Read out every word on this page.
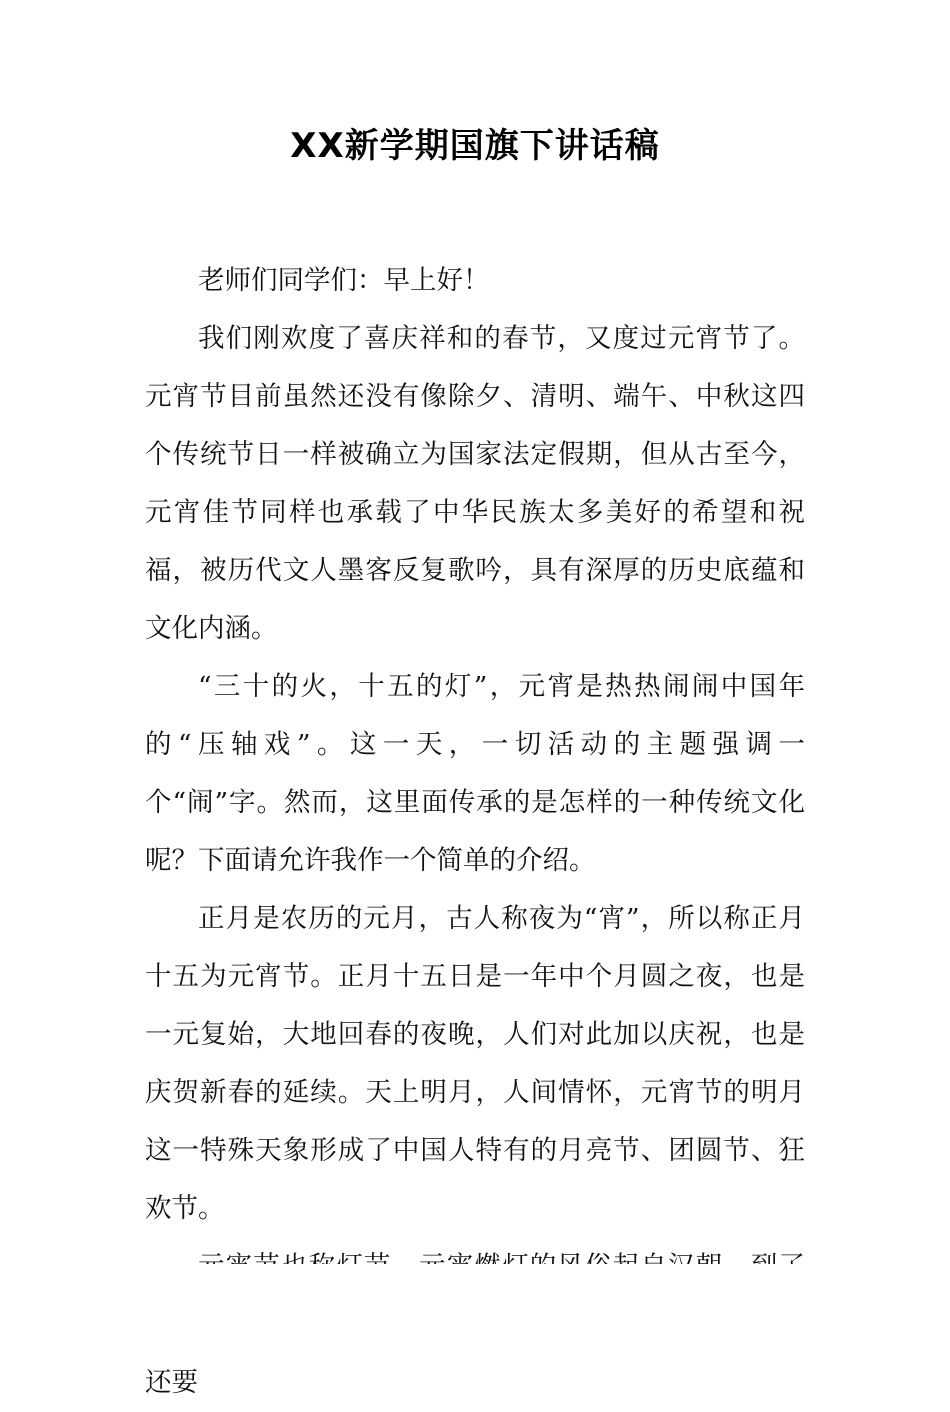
XX新学期国旗下讲话稿

老师们同学们：早上好！

我们刚欢度了喜庆祥和的春节，又度过元宵节了。元宵节目前虽然还没有像除夕、清明、端午、中秋这四个传统节日一样被确立为国家法定假期，但从古至今，元宵佳节同样也承载了中华民族太多美好的希望和祝福，被历代文人墨客反复歌吟，具有深厚的历史底蕴和文化内涵。

“三十的火，十五的灯”，元宵是热热闹闹中国年的“压轴戏”。这一天，一切活动的主题强调一个“闹”字。然而，这里面传承的是怎样的一种传统文化呢？下面请允许我作一个简单的介绍。

正月是农历的元月，古人称夜为“宵”，所以称正月十五为元宵节。正月十五日是一年中个月圆之夜，也是一元复始，大地回春的夜晚，人们对此加以庆祝，也是庆贺新春的延续。天上明月，人间情怀，元宵节的明月这一特殊天象形成了中国人特有的月亮节、团圆节、狂欢节。

还要
